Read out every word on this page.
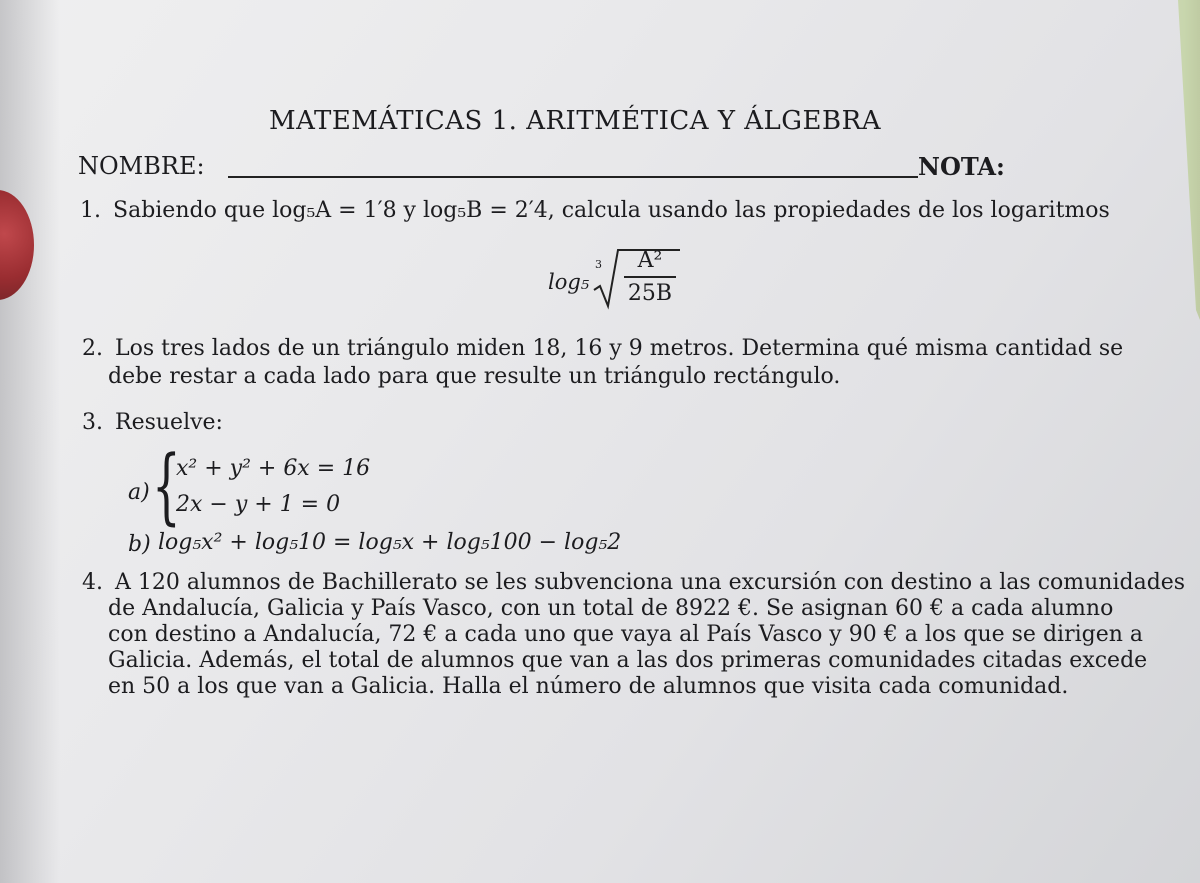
MATEMÁTICAS 1. ARITMÉTICA Y ÁLGEBRA
NOMBRE:	NOTA:
1. Sabiendo que log₅A = 1′8 y log₅B = 2′4, calcula usando las propiedades de los logaritmos
log₅
3	A²
25B
2. Los tres lados de un triángulo miden 18, 16 y 9 metros. Determina qué misma cantidad se
debe restar a cada lado para que resulte un triángulo rectángulo.
3. Resuelve:
a) {
x² + y² + 6x = 16
2x − y + 1 = 0
b) log₅x² + log₅10 = log₅x + log₅100 − log₅2
4. A 120 alumnos de Bachillerato se les subvenciona una excursión con destino a las comunidades
de Andalucía, Galicia y País Vasco, con un total de 8922 €. Se asignan 60 € a cada alumno
con destino a Andalucía, 72 € a cada uno que vaya al País Vasco y 90 € a los que se dirigen a
Galicia. Además, el total de alumnos que van a las dos primeras comunidades citadas excede
en 50 a los que van a Galicia. Halla el número de alumnos que visita cada comunidad.
